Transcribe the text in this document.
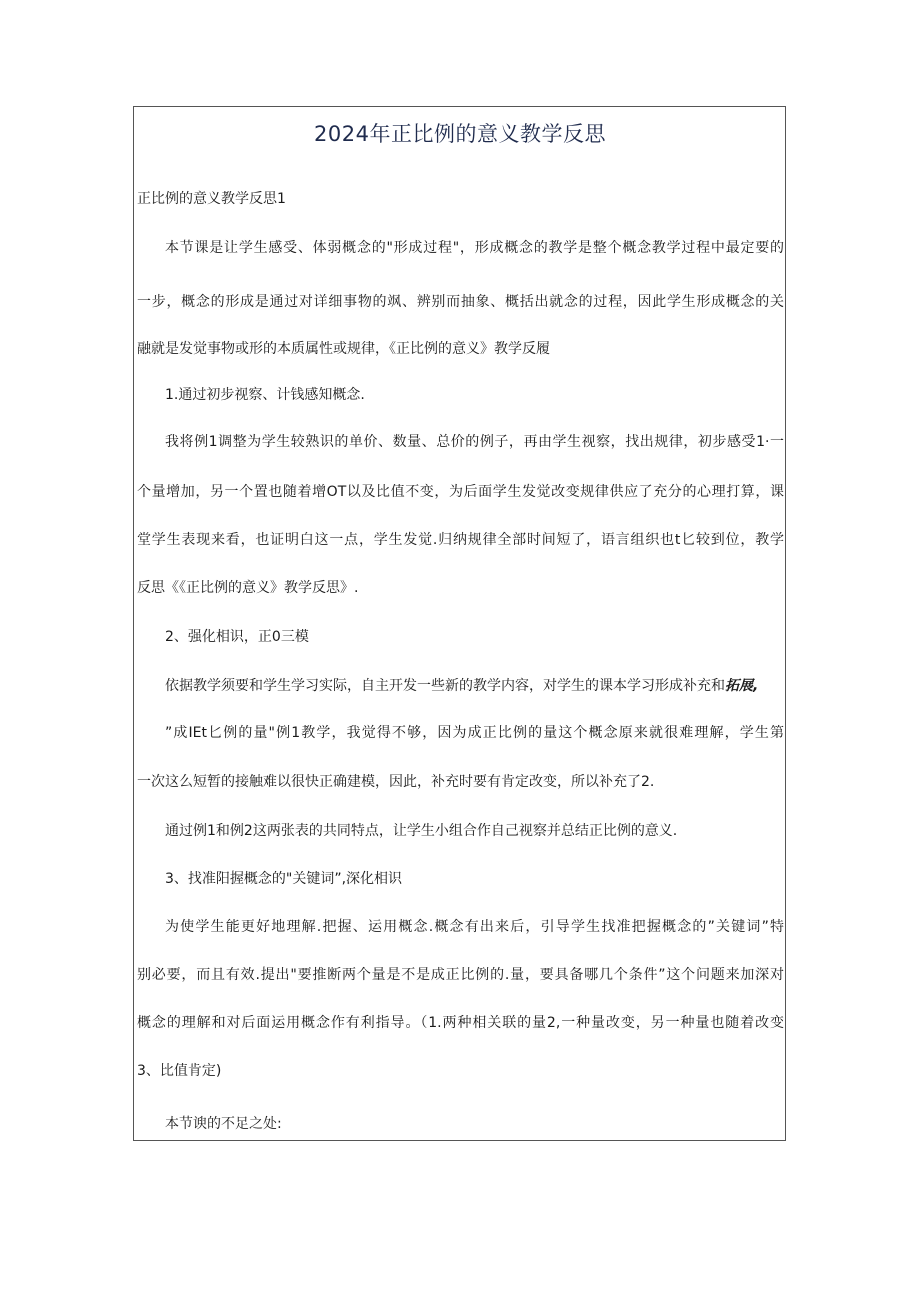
2024年正比例的意义教学反思
正比例的意义教学反思1
本节课是让学生感受、体弱概念的"形成过程"，形成概念的教学是整个概念教学过程中最定要的
一步，概念的形成是通过对详细事物的飒、辨别而抽象、概括出就念的过程，因此学生形成概念的关
融就是发觉事物或形的本质属性或规律，《正比例的意义》教学反履
1.通过初步视察、计钱感知概念.
我将例1调整为学生较熟识的单价、数量、总价的例子，再由学生视察，找出规律，初步感受1·一
个量增加，另一个置也随着增OT以及比值不变，为后面学生发觉改变规律供应了充分的心理打算，课
堂学生表现来看，也证明白这一点，学生发觉.归纳规律全部时间短了，语言组织也t匕较到位，教学
反思《《正比例的意义》教学反思》.
2、强化相识，正0三模
依据教学须要和学生学习实际，自主开发一些新的教学内容，对学生的课本学习形成补充和拓展,
”成IEt匕例的量"例1教学，我觉得不够，因为成正比例的量这个概念原来就很难理解，学生第
一次这么短暂的接触难以很快正确建模，因此，补充时要有肯定改变，所以补充了2.
通过例1和例2这两张表的共同特点，让学生小组合作自己视察并总结正比例的意义.
3、找准阳握概念的"关键词”,深化相识
为使学生能更好地理解.把握、运用概念.概念有出来后，引导学生找准把握概念的”关键词”特
别必要，而且有效.提出"要推断两个量是不是成正比例的.量，要具备哪几个条件”这个问题来加深对
概念的理解和对后面运用概念作有利指导。（1.两种相关联的量2,一种量改变，另一种量也随着改变
3、比值肯定)
本节谀的不足之处:
